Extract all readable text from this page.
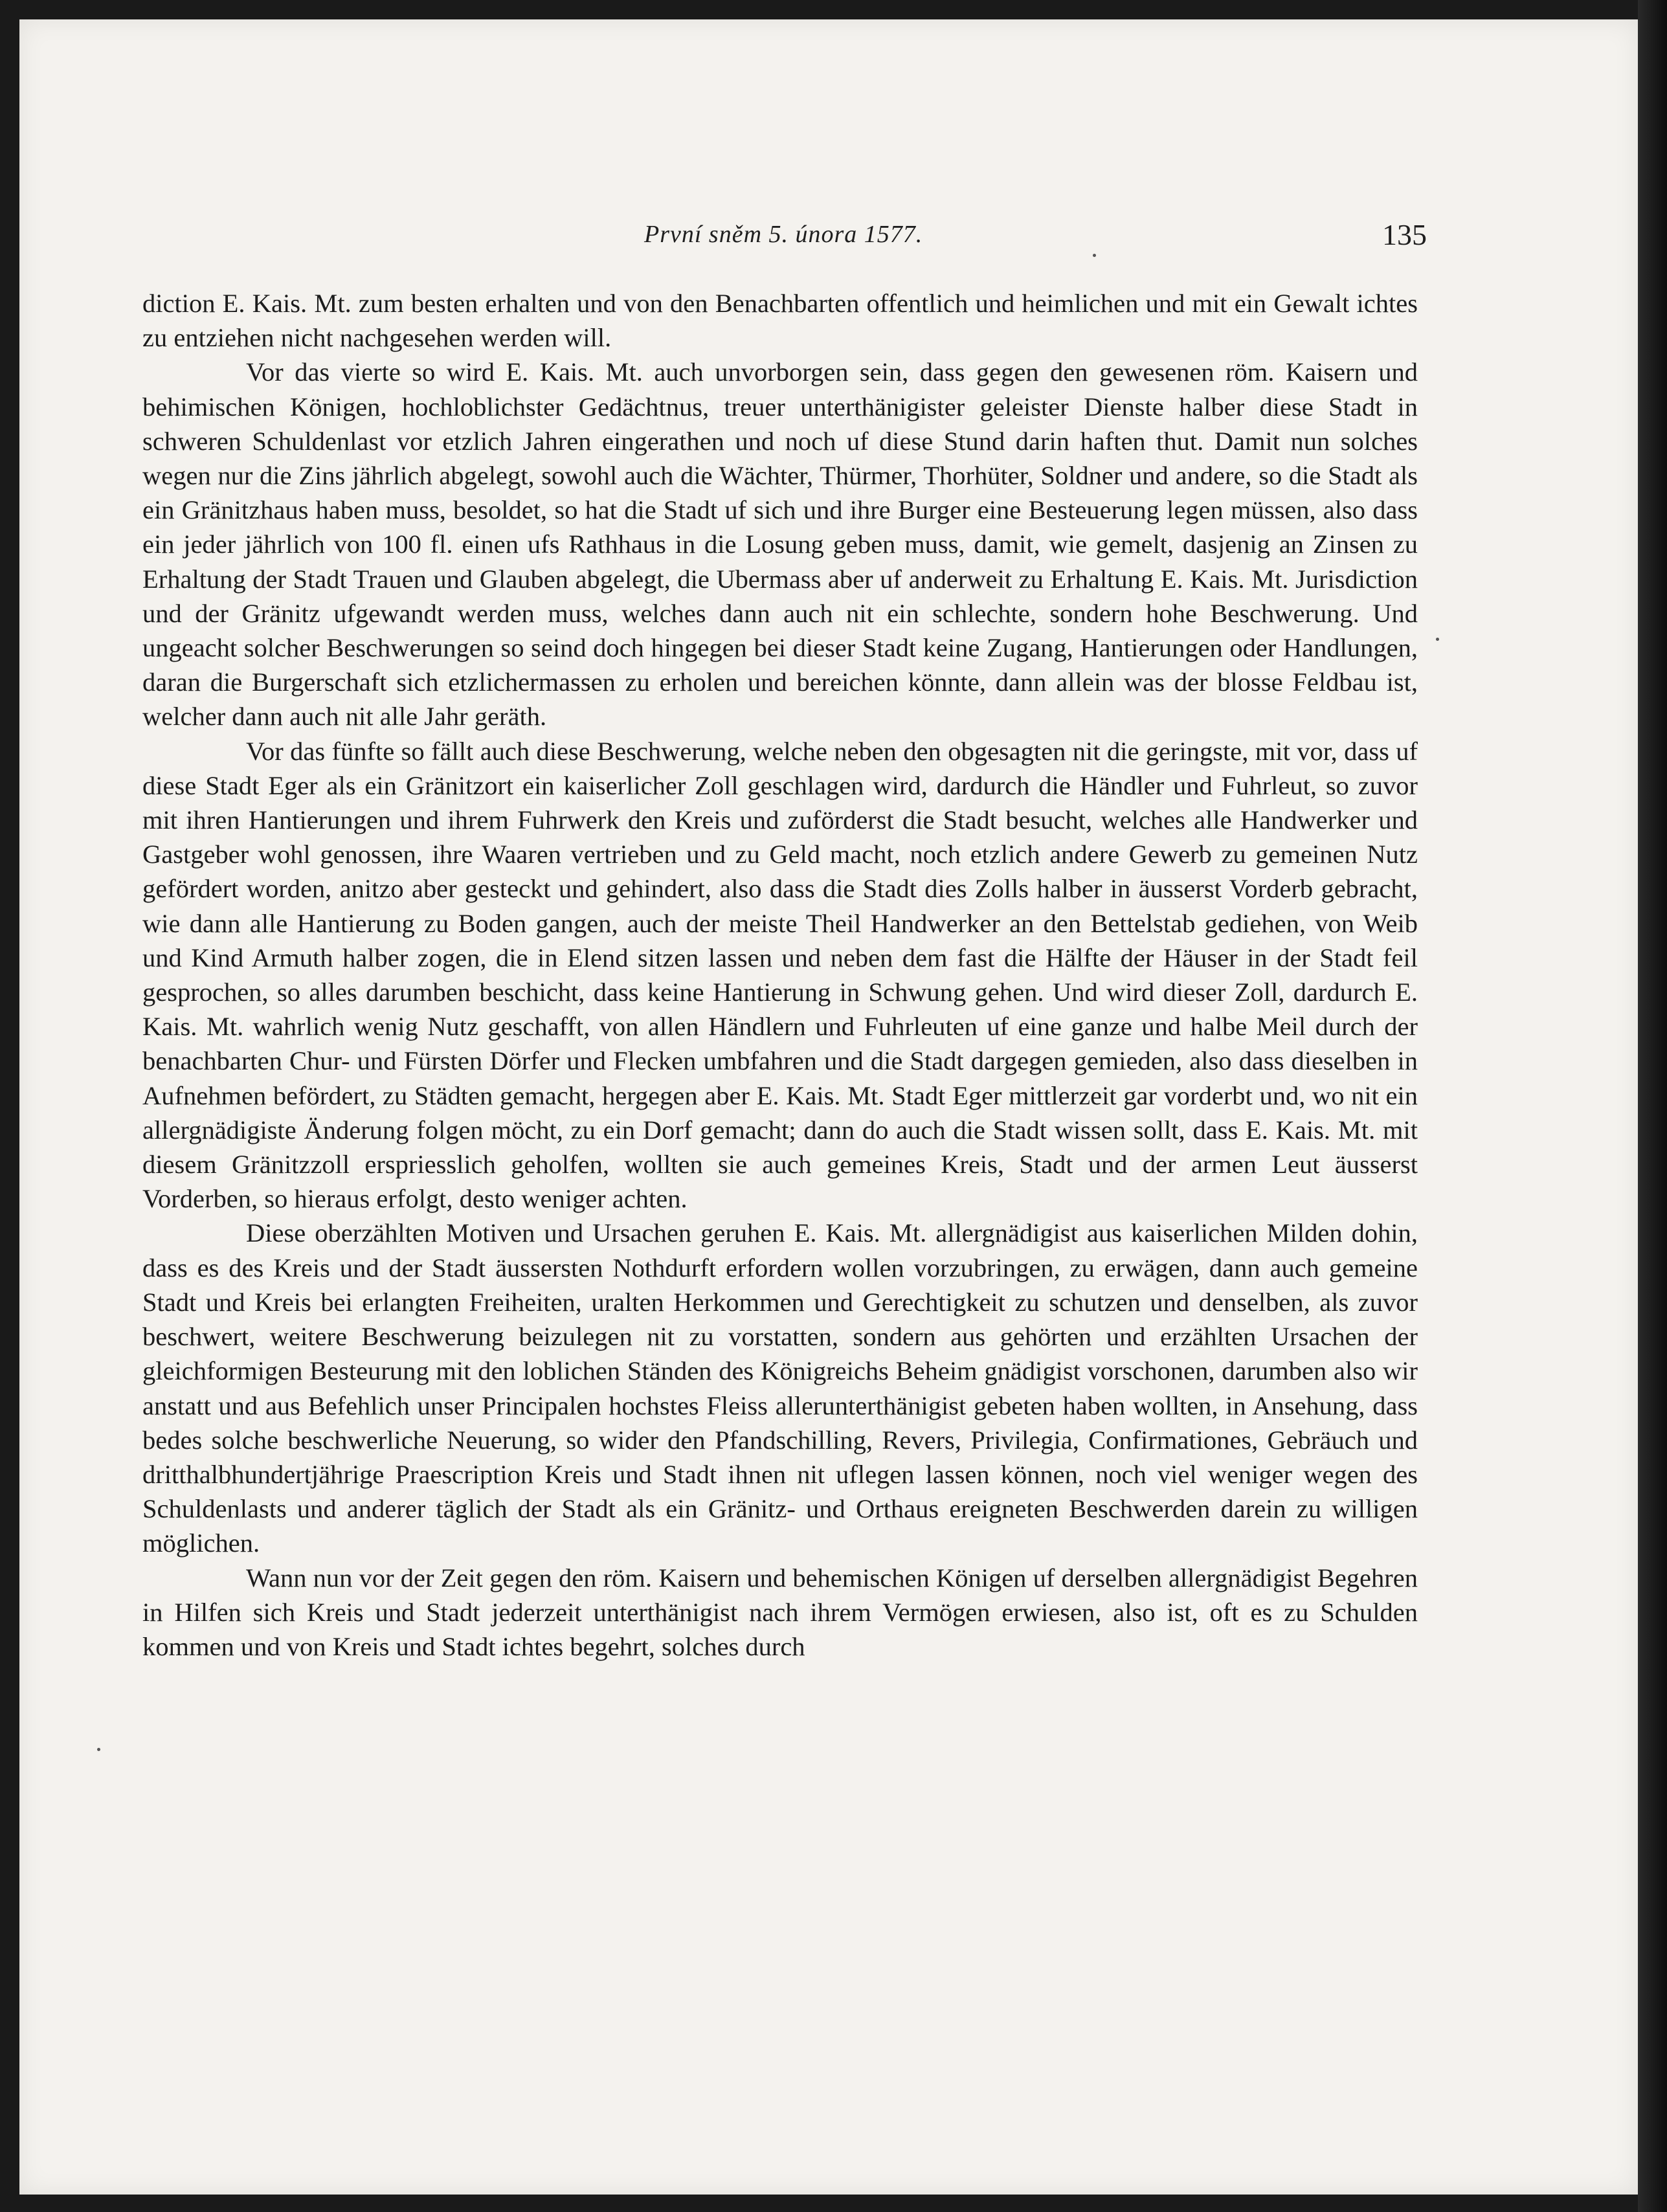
První sněm 5. února 1577.	135

diction E. Kais. Mt. zum besten erhalten und von den Benachbarten offentlich und heimlichen und mit ein Gewalt ichtes zu entziehen nicht nachgesehen werden will.

Vor das vierte so wird E. Kais. Mt. auch unvorborgen sein, dass gegen den gewesenen röm. Kaisern und behimischen Königen, hochloblichster Gedächtnus, treuer unterthänigister geleister Dienste halber diese Stadt in schweren Schuldenlast vor etzlich Jahren eingerathen und noch uf diese Stund darin haften thut. Damit nun solches wegen nur die Zins jährlich abgelegt, sowohl auch die Wächter, Thürmer, Thorhüter, Soldner und andere, so die Stadt als ein Gränitzhaus haben muss, besoldet, so hat die Stadt uf sich und ihre Burger eine Besteuerung legen müssen, also dass ein jeder jährlich von 100 fl. einen ufs Rathhaus in die Losung geben muss, damit, wie gemelt, dasjenig an Zinsen zu Erhaltung der Stadt Trauen und Glauben abgelegt, die Ubermass aber uf anderweit zu Erhaltung E. Kais. Mt. Jurisdiction und der Gränitz ufgewandt werden muss, welches dann auch nit ein schlechte, sondern hohe Beschwerung. Und ungeacht solcher Beschwerungen so seind doch hingegen bei dieser Stadt keine Zugang, Hantierungen oder Handlungen, daran die Burgerschaft sich etzlichermassen zu erholen und bereichen könnte, dann allein was der blosse Feldbau ist, welcher dann auch nit alle Jahr geräth.

Vor das fünfte so fällt auch diese Beschwerung, welche neben den obgesagten nit die geringste, mit vor, dass uf diese Stadt Eger als ein Gränitzort ein kaiserlicher Zoll geschlagen wird, dardurch die Händler und Fuhrleut, so zuvor mit ihren Hantierungen und ihrem Fuhrwerk den Kreis und zuförderst die Stadt besucht, welches alle Handwerker und Gastgeber wohl genossen, ihre Waaren vertrieben und zu Geld macht, noch etzlich andere Gewerb zu gemeinen Nutz gefördert worden, anitzo aber gesteckt und gehindert, also dass die Stadt dies Zolls halber in äusserst Vorderb gebracht, wie dann alle Hantierung zu Boden gangen, auch der meiste Theil Handwerker an den Bettelstab gediehen, von Weib und Kind Armuth halber zogen, die in Elend sitzen lassen und neben dem fast die Hälfte der Häuser in der Stadt feil gesprochen, so alles darumben beschicht, dass keine Hantierung in Schwung gehen. Und wird dieser Zoll, dardurch E. Kais. Mt. wahrlich wenig Nutz geschafft, von allen Händlern und Fuhrleuten uf eine ganze und halbe Meil durch der benachbarten Chur- und Fürsten Dörfer und Flecken umbfahren und die Stadt dargegen gemieden, also dass dieselben in Aufnehmen befördert, zu Städten gemacht, hergegen aber E. Kais. Mt. Stadt Eger mittlerzeit gar vorderbt und, wo nit ein allergnädigiste Änderung folgen möcht, zu ein Dorf gemacht; dann do auch die Stadt wissen sollt, dass E. Kais. Mt. mit diesem Gränitzzoll erspriesslich geholfen, wollten sie auch gemeines Kreis, Stadt und der armen Leut äusserst Vorderben, so hieraus erfolgt, desto weniger achten.

Diese oberzählten Motiven und Ursachen geruhen E. Kais. Mt. allergnädigist aus kaiserlichen Milden dohin, dass es des Kreis und der Stadt äussersten Nothdurft erfordern wollen vorzubringen, zu erwägen, dann auch gemeine Stadt und Kreis bei erlangten Freiheiten, uralten Herkommen und Gerechtigkeit zu schutzen und denselben, als zuvor beschwert, weitere Beschwerung beizulegen nit zu vorstatten, sondern aus gehörten und erzählten Ursachen der gleichformigen Besteurung mit den loblichen Ständen des Königreichs Beheim gnädigist vorschonen, darumben also wir anstatt und aus Befehlich unser Principalen hochstes Fleiss allerunterthänigist gebeten haben wollten, in Ansehung, dass bedes solche beschwerliche Neuerung, so wider den Pfandschilling, Revers, Privilegia, Confirmationes, Gebräuch und dritthalbhundertjährige Praescription Kreis und Stadt ihnen nit uflegen lassen können, noch viel weniger wegen des Schuldenlasts und anderer täglich der Stadt als ein Gränitz- und Orthaus ereigneten Beschwerden darein zu willigen möglichen.

Wann nun vor der Zeit gegen den röm. Kaisern und behemischen Königen uf derselben allergnädigist Begehren in Hilfen sich Kreis und Stadt jederzeit unterthänigist nach ihrem Vermögen erwiesen, also ist, oft es zu Schulden kommen und von Kreis und Stadt ichtes begehrt, solches durch
